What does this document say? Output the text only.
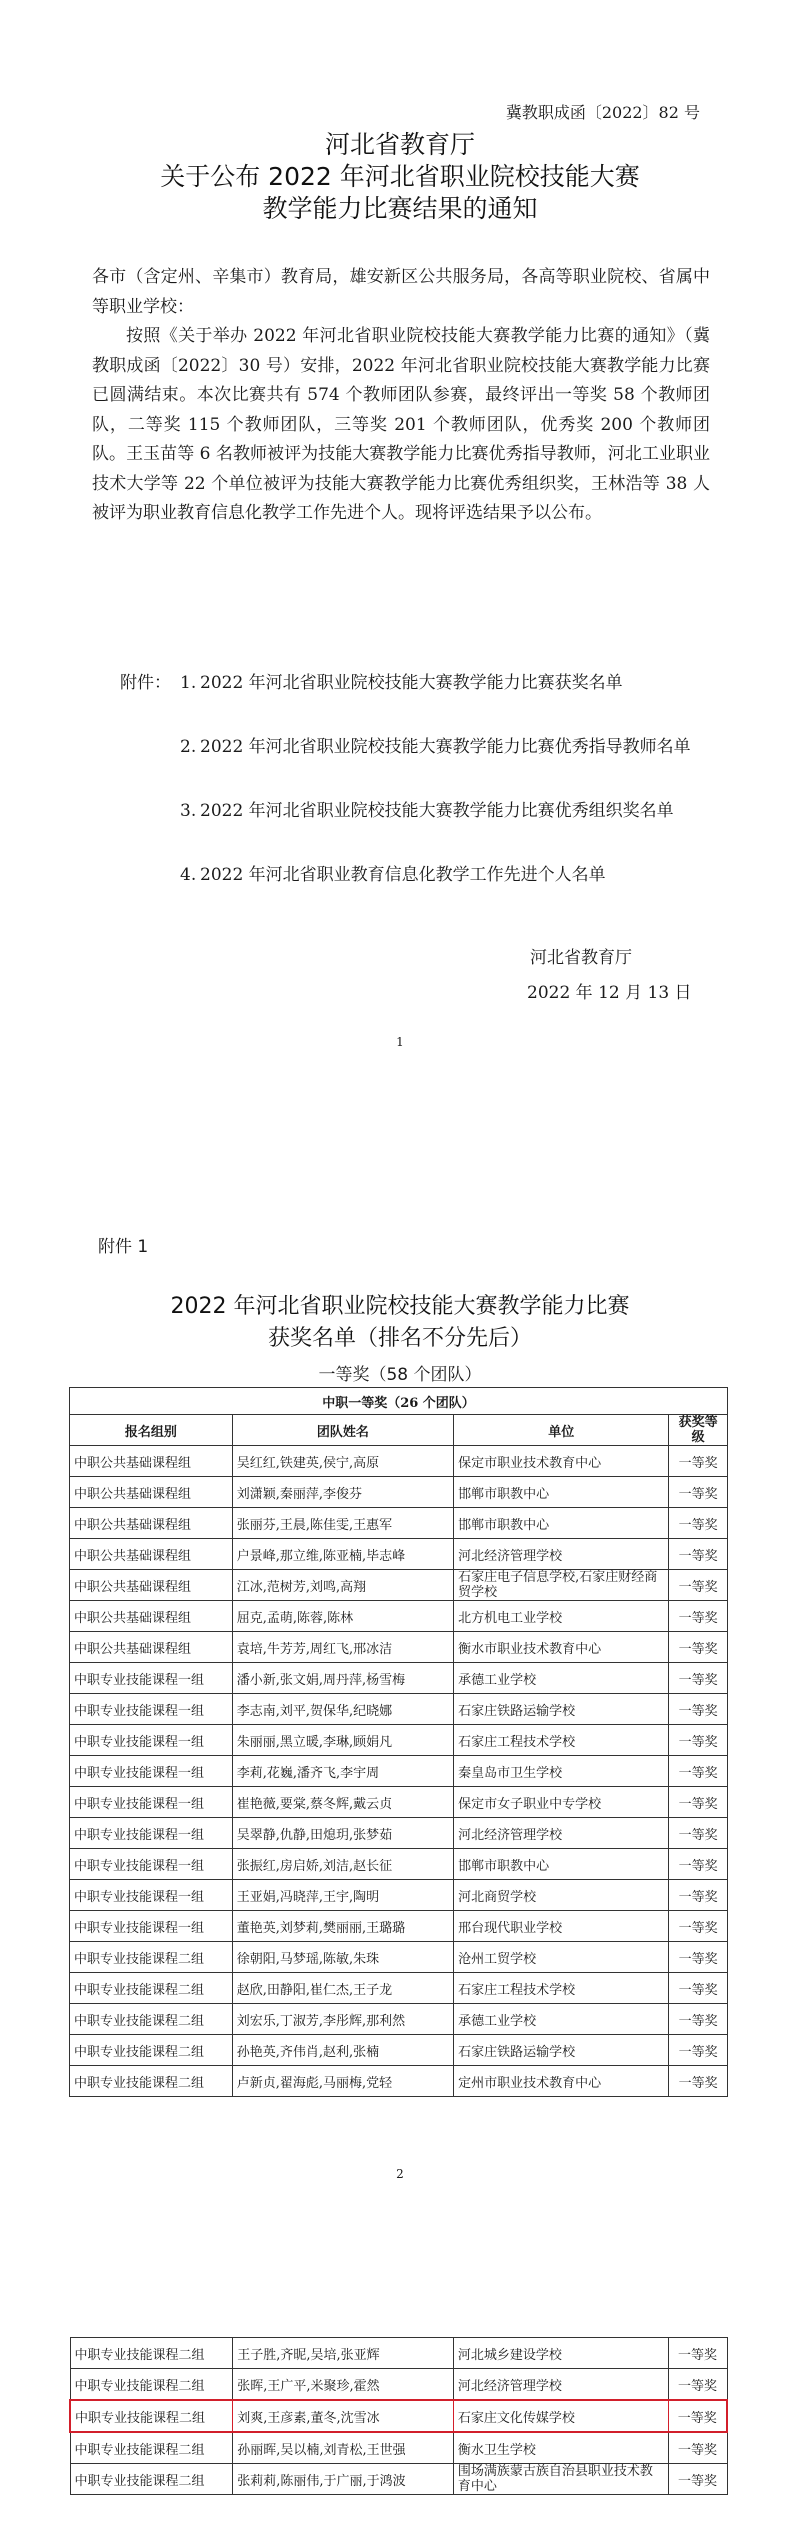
冀教职成函〔2022〕82 号
河北省教育厅
关于公布 2022 年河北省职业院校技能大赛
教学能力比赛结果的通知
各市（含定州、辛集市）教育局，雄安新区公共服务局，各高等职业院校、省属中等职业学校：
按照《关于举办 2022 年河北省职业院校技能大赛教学能力比赛的通知》（冀教职成函〔2022〕30 号）安排，2022 年河北省职业院校技能大赛教学能力比赛已圆满结束。本次比赛共有 574 个教师团队参赛，最终评出一等奖 58 个教师团队，二等奖 115 个教师团队，三等奖 201 个教师团队，优秀奖 200 个教师团队。王玉苗等 6 名教师被评为技能大赛教学能力比赛优秀指导教师，河北工业职业技术大学等 22 个单位被评为技能大赛教学能力比赛优秀组织奖，王林浩等 38 人被评为职业教育信息化教学工作先进个人。现将评选结果予以公布。
附件： 1. 2022 年河北省职业院校技能大赛教学能力比赛获奖名单
2. 2022 年河北省职业院校技能大赛教学能力比赛优秀指导教师名单
3. 2022 年河北省职业院校技能大赛教学能力比赛优秀组织奖名单
4. 2022 年河北省职业教育信息化教学工作先进个人名单
河北省教育厅
2022 年 12 月 13 日
1
附件 1
2022 年河北省职业院校技能大赛教学能力比赛
获奖名单（排名不分先后）
一等奖（58 个团队）
中职一等奖（26 个团队）			
报名组别	团队姓名	单位	获奖等级
中职公共基础课程组	吴红红,铁建英,侯宁,高原	保定市职业技术教育中心	一等奖
中职公共基础课程组	刘潇颖,秦丽萍,李俊芬	邯郸市职教中心	一等奖
中职公共基础课程组	张丽芬,王晨,陈佳雯,王惠军	邯郸市职教中心	一等奖
中职公共基础课程组	户景峰,那立维,陈亚楠,毕志峰	河北经济管理学校	一等奖
中职公共基础课程组	江冰,范树芳,刘鸣,高翔	石家庄电子信息学校,石家庄财经商贸学校	一等奖
中职公共基础课程组	屈克,孟萌,陈蓉,陈林	北方机电工业学校	一等奖
中职公共基础课程组	袁培,牛芳芳,周红飞,邢冰洁	衡水市职业技术教育中心	一等奖
中职专业技能课程一组	潘小新,张文娟,周丹萍,杨雪梅	承德工业学校	一等奖
中职专业技能课程一组	李志南,刘平,贺保华,纪晓娜	石家庄铁路运输学校	一等奖
中职专业技能课程一组	朱丽丽,黑立暖,李琳,顾娟凡	石家庄工程技术学校	一等奖
中职专业技能课程一组	李莉,花巍,潘齐飞,李宇周	秦皇岛市卫生学校	一等奖
中职专业技能课程一组	崔艳薇,要棠,蔡冬辉,戴云贞	保定市女子职业中专学校	一等奖
中职专业技能课程一组	吴翠静,仇静,田熄玥,张梦茹	河北经济管理学校	一等奖
中职专业技能课程一组	张振红,房启娇,刘洁,赵长征	邯郸市职教中心	一等奖
中职专业技能课程一组	王亚娟,冯晓萍,王宇,陶明	河北商贸学校	一等奖
中职专业技能课程一组	董艳英,刘梦莉,樊丽丽,王璐璐	邢台现代职业学校	一等奖
中职专业技能课程二组	徐朝阳,马梦瑶,陈敏,朱珠	沧州工贸学校	一等奖
中职专业技能课程二组	赵欣,田静阳,崔仁杰,王子龙	石家庄工程技术学校	一等奖
中职专业技能课程二组	刘宏乐,丁淑芳,李彤辉,那利然	承德工业学校	一等奖
中职专业技能课程二组	孙艳英,齐伟肖,赵利,张楠	石家庄铁路运输学校	一等奖
中职专业技能课程二组	卢新贞,翟海彪,马丽梅,党轻	定州市职业技术教育中心	一等奖
2
中职专业技能课程二组	王子胜,齐昵,吴培,张亚辉	河北城乡建设学校	一等奖
中职专业技能课程二组	张晖,王广平,米聚珍,霍然	河北经济管理学校	一等奖
中职专业技能课程二组	刘爽,王彦素,董冬,沈雪冰	石家庄文化传媒学校	一等奖
中职专业技能课程二组	孙丽晖,吴以楠,刘青松,王世强	衡水卫生学校	一等奖
中职专业技能课程二组	张莉莉,陈丽伟,于广丽,于鸿波	围场满族蒙古族自治县职业技术教育中心	一等奖
